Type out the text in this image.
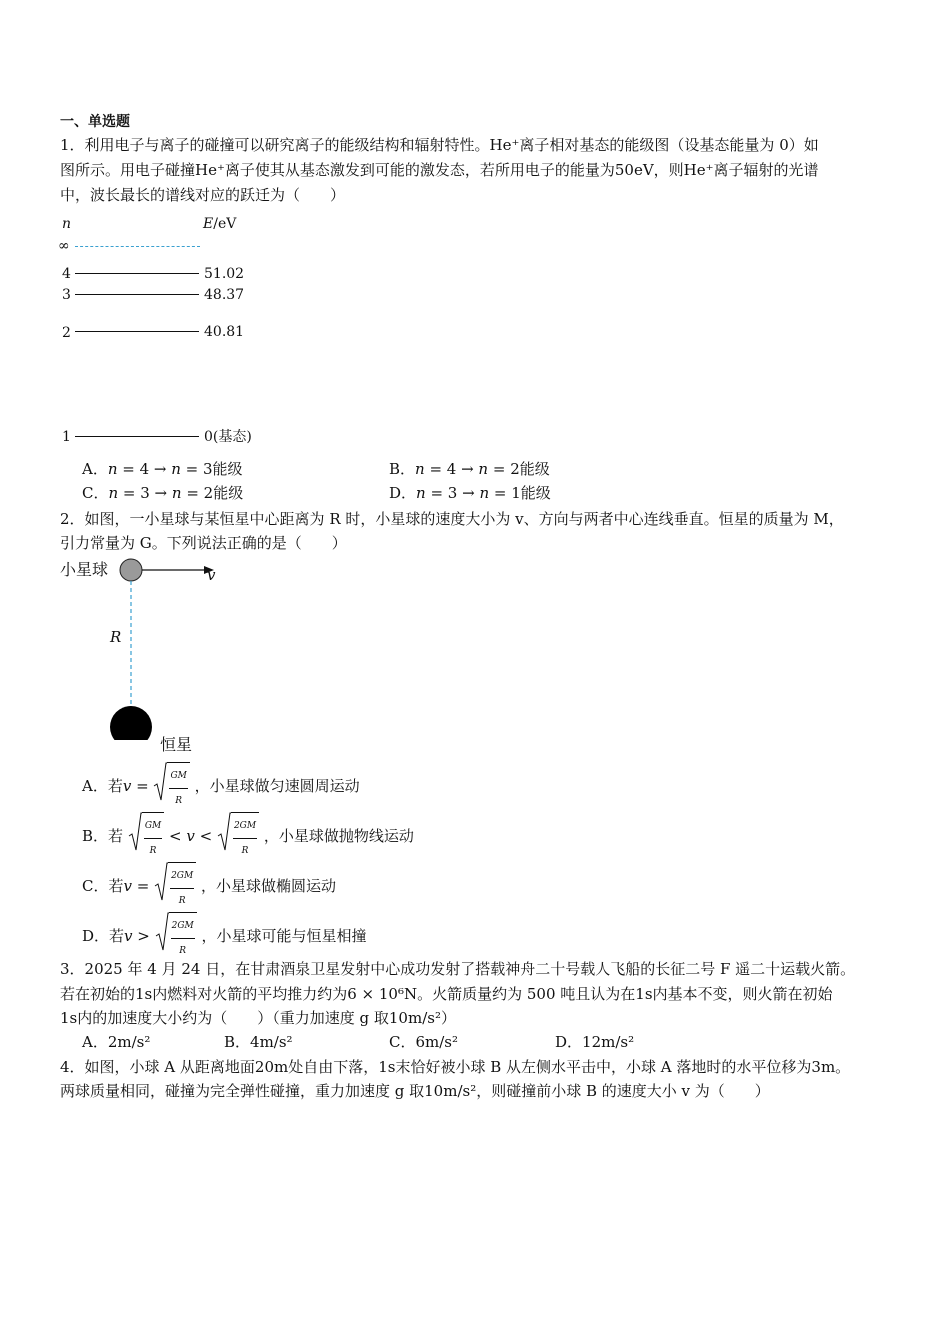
一、单选题
1．利用电子与离子的碰撞可以研究离子的能级结构和辐射特性。He⁺离子相对基态的能级图（设基态能量为 0）如
图所示。用电子碰撞He⁺离子使其从基态激发到可能的激发态，若所用电子的能量为50eV，则He⁺离子辐射的光谱
中，波长最长的谱线对应的跃迁为（　　）
n	E/eV
∞
4	51.02
3	48.37
2	40.81
1	0(基态)
A．𝑛 = 4 → 𝑛 = 3能级	B．𝑛 = 4 → 𝑛 = 2能级
C．𝑛 = 3 → 𝑛 = 2能级	D．𝑛 = 3 → 𝑛 = 1能级
2．如图，一小星球与某恒星中心距离为 R 时，小星球的速度大小为 v、方向与两者中心连线垂直。恒星的质量为 M，
引力常量为 G。下列说法正确的是（　　）
小星球	v
R
恒星
A．若𝑣 = $\frac{GM}{R}$ ，小星球做匀速圆周运动
B．若 $\frac{GM}{R}$ < 𝑣 < $\frac{2GM}{R}$ ，小星球做抛物线运动
C．若𝑣 = $\frac{2GM}{R}$ ，小星球做椭圆运动
D．若𝑣 > $\frac{2GM}{R}$ ，小星球可能与恒星相撞
3．2025 年 4 月 24 日，在甘肃酒泉卫星发射中心成功发射了搭载神舟二十号载人飞船的长征二号 F 遥二十运载火箭。
若在初始的1s内燃料对火箭的平均推力约为6 × 10⁶N。火箭质量约为 500 吨且认为在1s内基本不变，则火箭在初始
1s内的加速度大小约为（　　）（重力加速度 g 取10m/s²）
A．2m/s²	B．4m/s²	C．6m/s²	D．12m/s²
4．如图，小球 A 从距离地面20m处自由下落，1s末恰好被小球 B 从左侧水平击中，小球 A 落地时的水平位移为3m。
两球质量相同，碰撞为完全弹性碰撞，重力加速度 g 取10m/s²，则碰撞前小球 B 的速度大小 v 为（　　）
